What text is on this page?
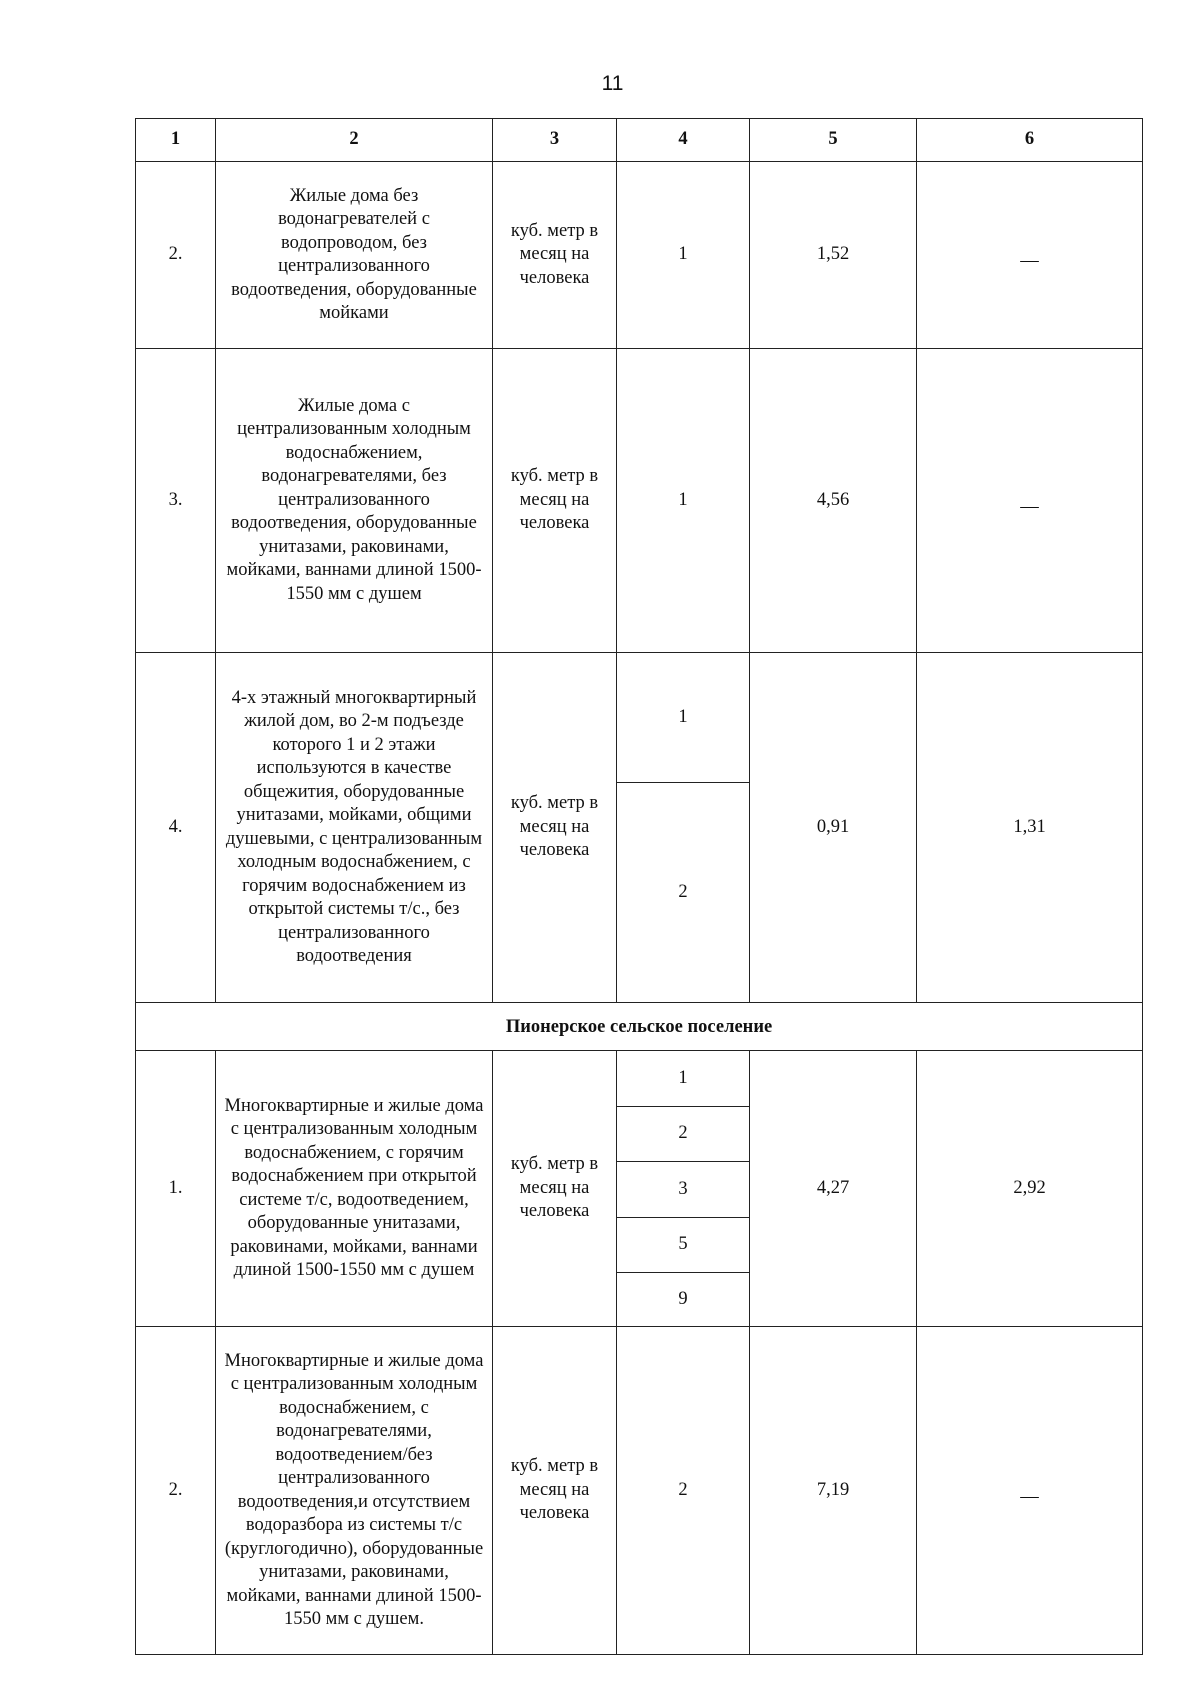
11
1	2	3	4	5	6
2.	Жилые дома без водонагревателей с водопроводом, без централизованного водоотведения, оборудованные мойками	куб. метр в месяц на человека	1	1,52	—
3.	Жилые дома с централизованным холодным водоснабжением, водонагревателями, без централизованного водоотведения, оборудованные унитазами, раковинами, мойками, ваннами длиной 1500-1550 мм с душем	куб. метр в месяц на человека	1	4,56	—
4.	4-х этажный многоквартирный жилой дом, во 2-м подъезде которого 1 и 2 этажи используются в качестве общежития, оборудованные унитазами, мойками, общими душевыми, с централизованным холодным водоснабжением, с горячим водоснабжением из открытой системы т/с., без централизованного водоотведения	куб. метр в месяц на человека	1	0,91	1,31
			2		
Пионерское сельское поселение					
1.	Многоквартирные и жилые дома с централизованным холодным водоснабжением, с горячим водоснабжением при открытой системе т/с, водоотведением, оборудованные унитазами, раковинами, мойками, ваннами длиной 1500-1550 мм с душем	куб. метр в месяц на человека	1	4,27	2,92
			2		
			3		
			5		
			9		
2.	Многоквартирные и жилые дома с централизованным холодным водоснабжением, с водонагревателями, водоотведением/без централизованного водоотведения,и отсутствием водоразбора из системы т/с (круглогодично), оборудованные унитазами, раковинами, мойками, ваннами длиной 1500-1550 мм с душем.	куб. метр в месяц на человека	2	7,19	—
